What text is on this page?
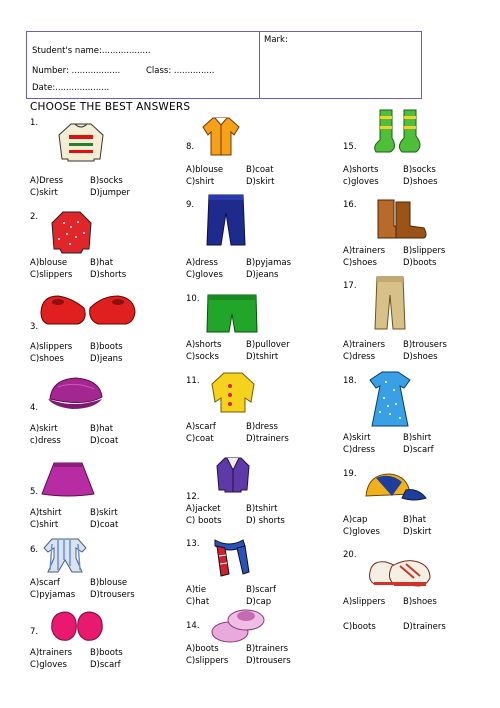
Student's name:..................
Number: ..................	Class: ...............
Date:....................
Mark:
CHOOSE THE BEST ANSWERS
1.
A)Dress	B)socks
C)skirt	D)jumper
2.
A)blouse	B)hat
C)slippers D)shorts
3.
A)slippers B)boots
C)shoes	D)jeans
4.
A)skirt	B)hat
c)dress	D)coat
5.
A)tshirt	B)skirt
C)shirt	D)coat
6.
A)scarf	B)blouse
C)pyjamas D)trousers
7.
A)trainers B)boots
C)gloves	D)scarf
8.
A)blouse	B)coat
C)shirt	D)skirt
9.
A)dress	B)pyjamas
C)gloves	D)jeans
10.
A)shorts	B)pullover
C)socks	D)tshirt
11.
A)scarf	B)dress
C)coat	D)trainers
12.
A)jacket	B)tshirt
C) boots	D) shorts
13.
A)tie	B)scarf
C)hat	D)cap
14.
A)boots	B)trainers
C)slippers D)trousers
15.
A)shorts	B)socks
c)gloves	D)shoes
16.
A)trainers B)slippers
C)shoes	D)boots
17.
A)trainers B)trousers
C)dress	D)shoes
18.
A)skirt	B)shirt
C)dress	D)scarf
19.
A)cap	B)hat
C)gloves	D)skirt
20.
A)slippers B)shoes
C)boots	D)trainers
